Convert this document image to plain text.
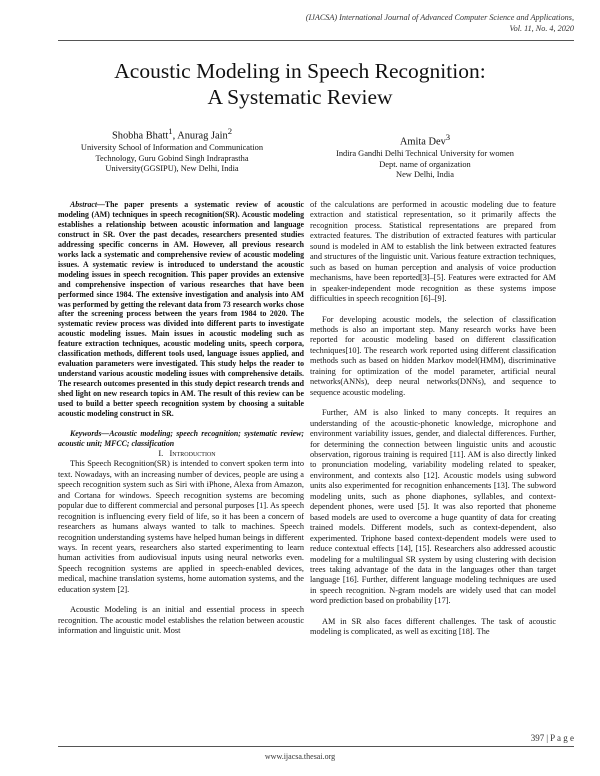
(IJACSA) International Journal of Advanced Computer Science and Applications,
Vol. 11, No. 4, 2020
Acoustic Modeling in Speech Recognition:
A Systematic Review
Shobha Bhatt$^1$, Anurag Jain$^2$
University School of Information and Communication
Technology, Guru Gobind Singh Indraprastha
University(GGSIPU), New Delhi, India
Amita Dev$^3$
Indira Gandhi Delhi Technical University for women
Dept. name of organization
New Delhi, India

Abstract—The paper presents a systematic review of acoustic modeling (AM) techniques in speech recognition(SR). Acoustic modeling establishes a relationship between acoustic information and language construct in SR. Over the past decades, researchers presented studies addressing specific concerns in AM. However, all previous research works lack a systematic and comprehensive review of acoustic modeling issues. A systematic review is introduced to understand the acoustic modeling issues in speech recognition. This paper provides an extensive and comprehensive inspection of various researches that have been performed since 1984. The extensive investigation and analysis into AM was performed by getting the relevant data from 73 research works chose after the screening process between the years from 1984 to 2020. The systematic review process was divided into different parts to investigate acoustic modeling issues. Main issues in acoustic modeling such as feature extraction techniques, acoustic modeling units, speech corpora, classification methods, different tools used, language issues applied, and evaluation parameters were investigated. This study helps the reader to understand various acoustic modeling issues with comprehensive details. The research outcomes presented in this study depict research trends and shed light on new research topics in AM. The result of this review can be used to build a better speech recognition system by choosing a suitable acoustic modeling construct in SR.

Keywords—Acoustic modeling; speech recognition; systematic review; acoustic unit; MFCC; classification

I. Introduction

This Speech Recognition(SR) is intended to convert spoken term into text. Nowadays, with an increasing number of devices, people are using a speech recognition system such as Siri with iPhone, Alexa from Amazon, and Cortana for windows. Speech recognition systems are becoming popular due to different commercial and personal purposes [1]. As speech recognition is influencing every field of life, so it has been a concern of researchers as humans always wanted to talk to machines. Speech recognition understanding systems have helped human beings in different ways. In recent years, researchers also started experimenting to learn human activities from audiovisual inputs using neural networks even. Speech recognition systems are applied in speech-enabled devices, medical, machine translation systems, home automation systems, and the education system [2].

Acoustic Modeling is an initial and essential process in speech recognition. The acoustic model establishes the relation between acoustic information and linguistic unit. Most

of the calculations are performed in acoustic modeling due to feature extraction and statistical representation, so it primarily affects the recognition process. Statistical representations are prepared from extracted features. The distribution of extracted features with particular sound is modeled in AM to establish the link between extracted features and structures of the linguistic unit. Various feature extraction techniques, such as based on human perception and analysis of voice production mechanisms, have been reported[3]–[5]. Features were extracted for AM in speaker-independent mode recognition as these systems impose difficulties in speech recognition [6]–[9].

For developing acoustic models, the selection of classification methods is also an important step. Many research works have been reported for acoustic modeling based on different classification techniques[10]. The research work reported using different classification methods such as based on hidden Markov model(HMM), discriminative training for optimization of the model parameter, artificial neural networks(ANNs), deep neural networks(DNNs), and sequence to sequence acoustic modeling.

Further, AM is also linked to many concepts. It requires an understanding of the acoustic-phonetic knowledge, microphone and environment variability issues, gender, and dialectal differences. Further, for determining the connection between linguistic units and acoustic observation, rigorous training is required [11]. AM is also directly linked to pronunciation modeling, variability modeling related to speaker, environment, and contexts also [12]. Acoustic models using subword units also experimented for recognition enhancements [13]. The subword modeling units, such as phone diaphones, syllables, and context-dependent phones, were used [5]. It was also reported that phoneme based models are used to overcome a huge quantity of data for creating trained models. Different models, such as context-dependent, also experimented. Triphone based context-dependent models were used to reduce contextual effects [14], [15]. Researchers also addressed acoustic modeling for a multilingual SR system by using clustering with decision trees taking advantage of the data in the languages other than target language [16]. Further, different language modeling techniques are used in speech recognition. N-gram models are widely used that can model word prediction based on probability [17].

AM in SR also faces different challenges. The task of acoustic modeling is complicated, as well as exciting [18]. The

397 | P a g e
www.ijacsa.thesai.org
